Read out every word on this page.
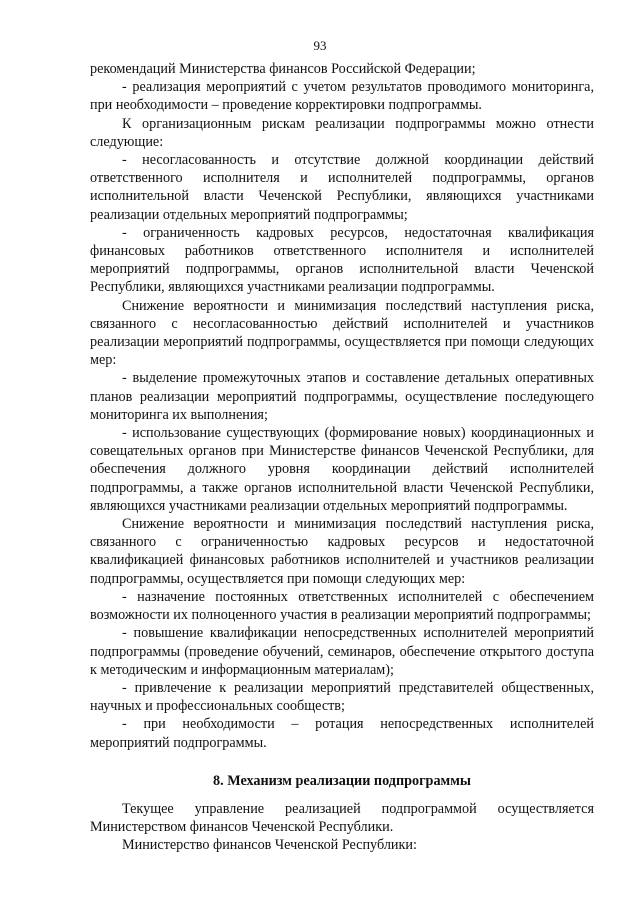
93

рекомендаций Министерства финансов Российской Федерации;

- реализация мероприятий с учетом результатов проводимого мониторинга, при необходимости – проведение корректировки подпрограммы.

К организационным рискам реализации подпрограммы можно отнести следующие:

- несогласованность и отсутствие должной координации действий ответственного исполнителя и исполнителей подпрограммы, органов исполнительной власти Чеченской Республики, являющихся участниками реализации отдельных мероприятий подпрограммы;

- ограниченность кадровых ресурсов, недостаточная квалификация финансовых работников ответственного исполнителя и исполнителей мероприятий подпрограммы, органов исполнительной власти Чеченской Республики, являющихся участниками реализации подпрограммы.

Снижение вероятности и минимизация последствий наступления риска, связанного с несогласованностью действий исполнителей и участников реализации мероприятий подпрограммы, осуществляется при помощи следующих мер:

- выделение промежуточных этапов и составление детальных оперативных планов реализации мероприятий подпрограммы, осуществление последующего мониторинга их выполнения;

- использование существующих (формирование новых) координационных и совещательных органов при Министерстве финансов Чеченской Республики, для обеспечения должного уровня координации действий исполнителей подпрограммы, а также органов исполнительной власти Чеченской Республики, являющихся участниками реализации отдельных мероприятий подпрограммы.

Снижение вероятности и минимизация последствий наступления риска, связанного с ограниченностью кадровых ресурсов и недостаточной квалификацией финансовых работников исполнителей и участников реализации подпрограммы, осуществляется при помощи следующих мер:

- назначение постоянных ответственных исполнителей с обеспечением возможности их полноценного участия в реализации мероприятий подпрограммы;

- повышение квалификации непосредственных исполнителей мероприятий подпрограммы (проведение обучений, семинаров, обеспечение открытого доступа к методическим и информационным материалам);

- привлечение к реализации мероприятий представителей общественных, научных и профессиональных сообществ;

- при необходимости – ротация непосредственных исполнителей мероприятий подпрограммы.

8. Механизм реализации подпрограммы

Текущее управление реализацией подпрограммой осуществляется Министерством финансов Чеченской Республики.

Министерство финансов Чеченской Республики:
